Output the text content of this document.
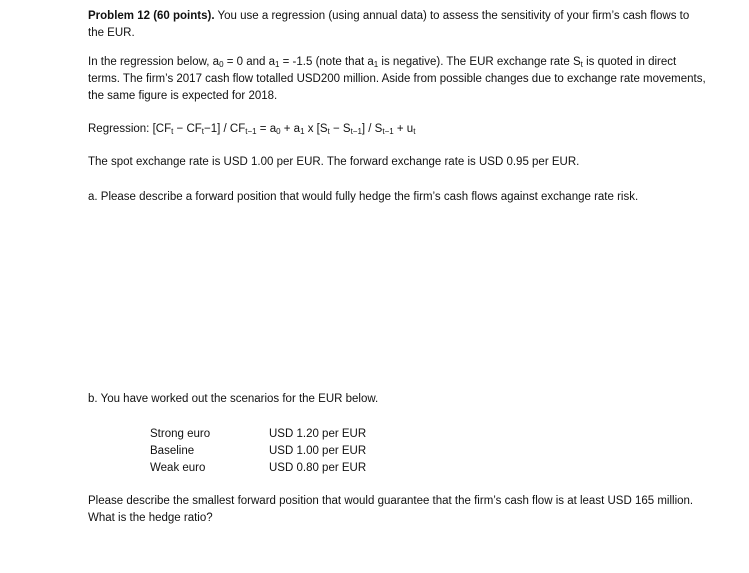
Problem 12 (60 points). You use a regression (using annual data) to assess the sensitivity of your firm’s cash flows to the EUR.

In the regression below, $a_0 = 0$ and $a_1 = -1.5$ (note that $a_1$ is negative). The EUR exchange rate $S_t$ is quoted in direct terms. The firm’s 2017 cash flow totalled USD200 million. Aside from possible changes due to exchange rate movements, the same figure is expected for 2018.

Regression: $[CF_t - CF_t-1] / CF_{t-1} = a_0 + a_1$ x $[S_t - S_{t-1}] / S_{t-1} + u_t$

The spot exchange rate is USD 1.00 per EUR. The forward exchange rate is USD 0.95 per EUR.

a. Please describe a forward position that would fully hedge the firm’s cash flows against exchange rate risk.

b. You have worked out the scenarios for the EUR below.

Strong euro	USD 1.20 per EUR
Baseline	USD 1.00 per EUR
Weak euro	USD 0.80 per EUR

Please describe the smallest forward position that would guarantee that the firm’s cash flow is at least USD 165 million. What is the hedge ratio?
